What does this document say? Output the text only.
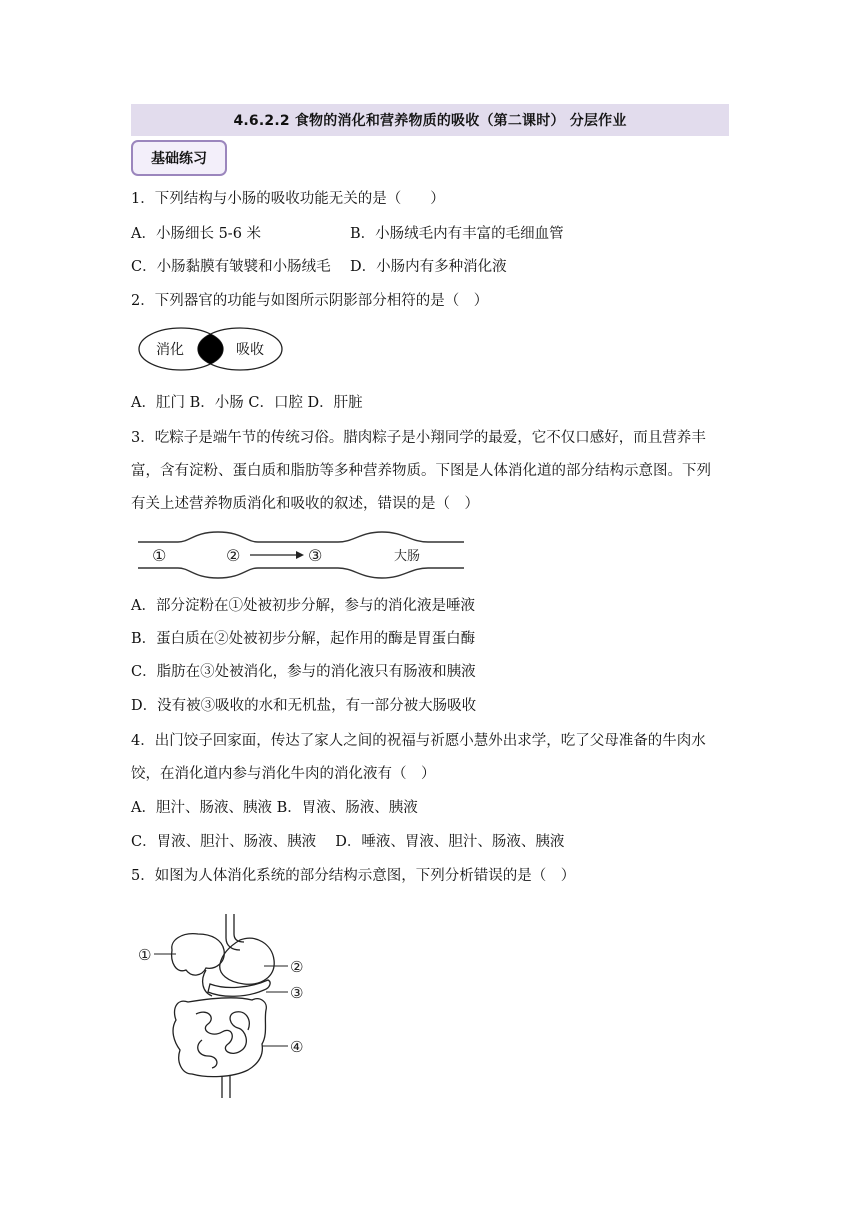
4.6.2.2 食物的消化和营养物质的吸收（第二课时） 分层作业
基础练习
1．下列结构与小肠的吸收功能无关的是（　　）
A．小肠细长 5-6 米	B．小肠绒毛内有丰富的毛细血管
C．小肠黏膜有皱襞和小肠绒毛 D．小肠内有多种消化液
2．下列器官的功能与如图所示阴影部分相符的是（　）
消化	吸收
A．肛门 B．小肠 C．口腔 D．肝脏
3．吃粽子是端午节的传统习俗。腊肉粽子是小翔同学的最爱，它不仅口感好，而且营养丰
富，含有淀粉、蛋白质和脂肪等多种营养物质。下图是人体消化道的部分结构示意图。下列
有关上述营养物质消化和吸收的叙述，错误的是（　）
①	②	③	大肠
A．部分淀粉在①处被初步分解，参与的消化液是唾液
B．蛋白质在②处被初步分解，起作用的酶是胃蛋白酶
C．脂肪在③处被消化，参与的消化液只有肠液和胰液
D．没有被③吸收的水和无机盐，有一部分被大肠吸收
4．出门饺子回家面，传达了家人之间的祝福与祈愿小慧外出求学，吃了父母准备的牛肉水
饺，在消化道内参与消化牛肉的消化液有（　）
A．胆汁、肠液、胰液 B．胃液、肠液、胰液
C．胃液、胆汁、肠液、胰液　 D．唾液、胃液、胆汁、肠液、胰液
5．如图为人体消化系统的部分结构示意图，下列分析错误的是（　）
①
②
③
④
